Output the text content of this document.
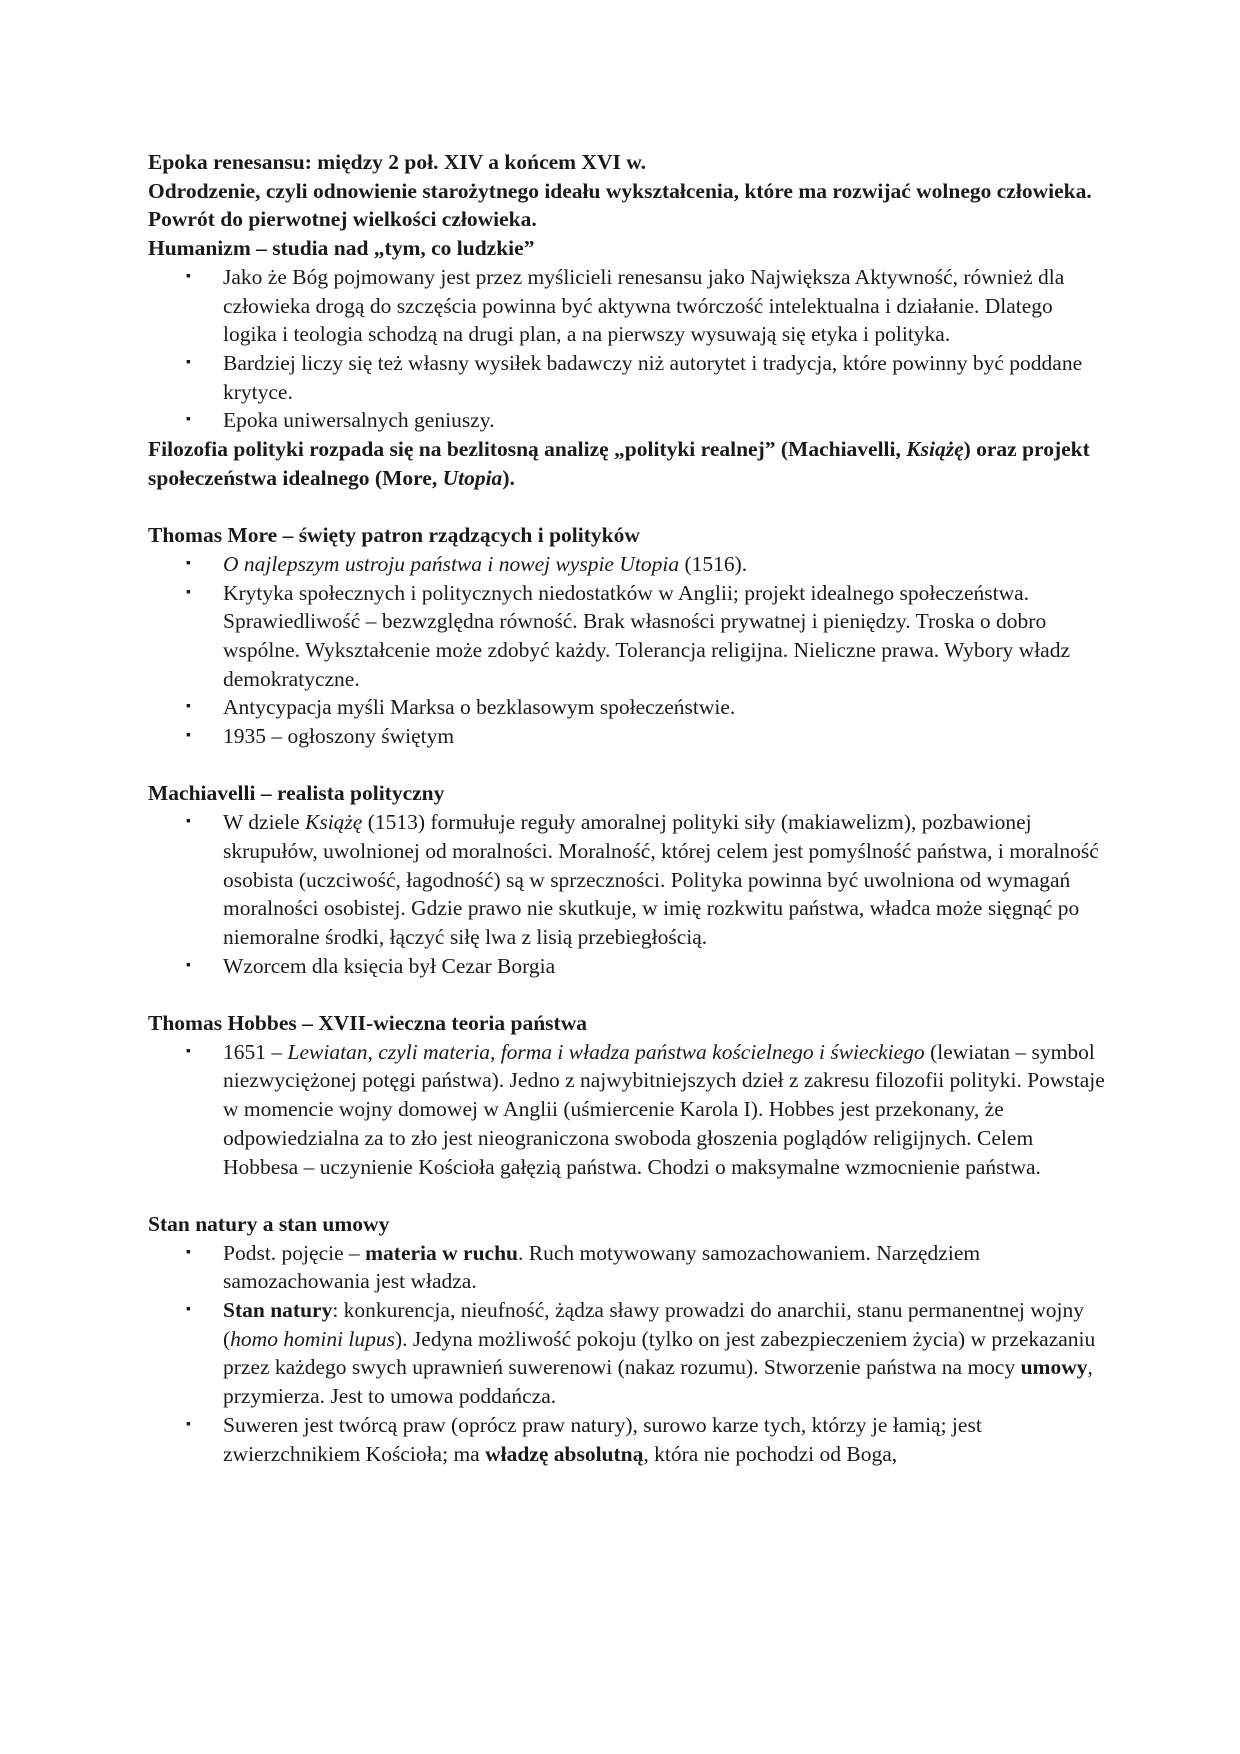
Epoka renesansu: między 2 poł. XIV a końcem XVI w.

Odrodzenie, czyli odnowienie starożytnego ideału wykształcenia, które ma rozwijać wolnego człowieka. Powrót do pierwotnej wielkości człowieka.

Humanizm – studia nad „tym, co ludzkie”

▪ Jako że Bóg pojmowany jest przez myślicieli renesansu jako Największa Aktywność, również dla człowieka drogą do szczęścia powinna być aktywna twórczość intelektualna i działanie. Dlatego logika i teologia schodzą na drugi plan, a na pierwszy wysuwają się etyka i polityka.
▪ Bardziej liczy się też własny wysiłek badawczy niż autorytet i tradycja, które powinny być poddane krytyce.
▪ Epoka uniwersalnych geniuszy.

Filozofia polityki rozpada się na bezlitosną analizę „polityki realnej” (Machiavelli, Książę) oraz projekt społeczeństwa idealnego (More, Utopia).

Thomas More – święty patron rządzących i polityków

▪ O najlepszym ustroju państwa i nowej wyspie Utopia (1516).
▪ Krytyka społecznych i politycznych niedostatków w Anglii; projekt idealnego społeczeństwa. Sprawiedliwość – bezwzględna równość. Brak własności prywatnej i pieniędzy. Troska o dobro wspólne. Wykształcenie może zdobyć każdy. Tolerancja religijna. Nieliczne prawa. Wybory władz demokratyczne.
▪ Antycypacja myśli Marksa o bezklasowym społeczeństwie.
▪ 1935 – ogłoszony świętym

Machiavelli – realista polityczny

▪ W dziele Książę (1513) formułuje reguły amoralnej polityki siły (makiawelizm), pozbawionej skrupułów, uwolnionej od moralności. Moralność, której celem jest pomyślność państwa, i moralność osobista (uczciwość, łagodność) są w sprzeczności. Polityka powinna być uwolniona od wymagań moralności osobistej. Gdzie prawo nie skutkuje, w imię rozkwitu państwa, władca może sięgnąć po niemoralne środki, łączyć siłę lwa z lisią przebiegłością.
▪ Wzorcem dla księcia był Cezar Borgia

Thomas Hobbes – XVII-wieczna teoria państwa

▪ 1651 – Lewiatan, czyli materia, forma i władza państwa kościelnego i świeckiego (lewiatan – symbol niezwyciężonej potęgi państwa). Jedno z najwybitniejszych dzieł z zakresu filozofii polityki. Powstaje w momencie wojny domowej w Anglii (uśmiercenie Karola I). Hobbes jest przekonany, że odpowiedzialna za to zło jest nieograniczona swoboda głoszenia poglądów religijnych. Celem Hobbesa – uczynienie Kościoła gałęzią państwa. Chodzi o maksymalne wzmocnienie państwa.

Stan natury a stan umowy

▪ Podst. pojęcie – materia w ruchu. Ruch motywowany samozachowaniem. Narzędziem samozachowania jest władza.
▪ Stan natury: konkurencja, nieufność, żądza sławy prowadzi do anarchii, stanu permanentnej wojny (homo homini lupus). Jedyna możliwość pokoju (tylko on jest zabezpieczeniem życia) w przekazaniu przez każdego swych uprawnień suwerenowi (nakaz rozumu). Stworzenie państwa na mocy umowy, przymierza. Jest to umowa poddańcza.
▪ Suweren jest twórcą praw (oprócz praw natury), surowo karze tych, którzy je łamią; jest zwierzchnikiem Kościoła; ma władzę absolutną, która nie pochodzi od Boga,
